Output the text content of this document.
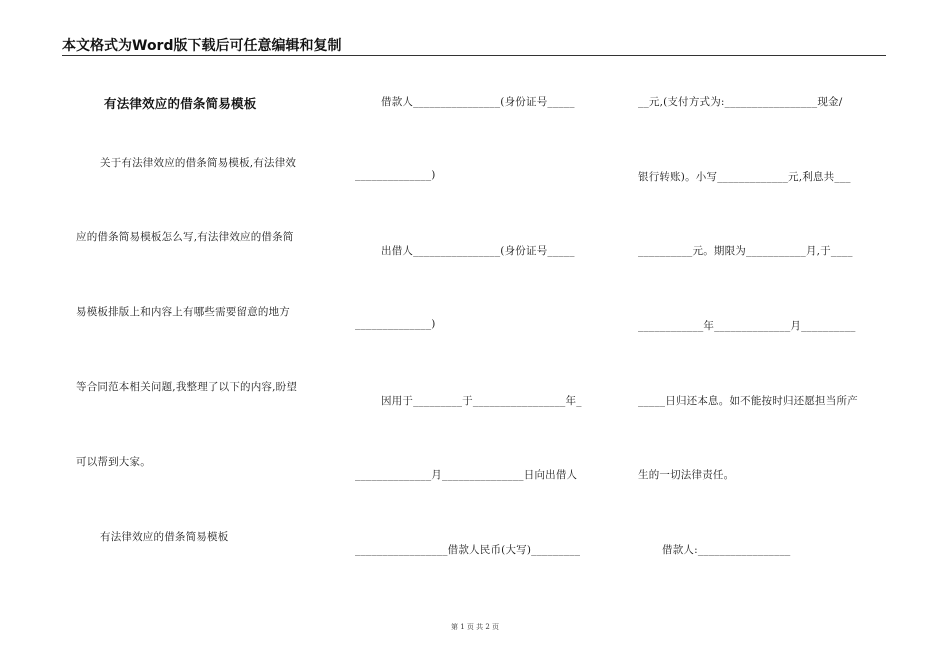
本文格式为Word版下载后可任意编辑和复制
有法律效应的借条简易模板
关于有法律效应的借条简易模板,有法律效
应的借条简易模板怎么写,有法律效应的借条简
易模板排版上和内容上有哪些需要留意的地方
等合同范本相关问题,我整理了以下的内容,盼望
可以帮到大家。
有法律效应的借条简易模板
借款人________________(身份证号_____
______________)
出借人________________(身份证号_____
______________)
因用于_________于_________________年_
______________月_______________日向出借人
_________________借款人民币(大写)_________
__元,(支付方式为:_________________现金/
银行转账)。小写_____________元,利息共___
__________元。期限为___________月,于____
____________年______________月__________
_____日归还本息。如不能按时归还愿担当所产
生的一切法律责任。
借款人:_________________
第 1 页 共 2 页
